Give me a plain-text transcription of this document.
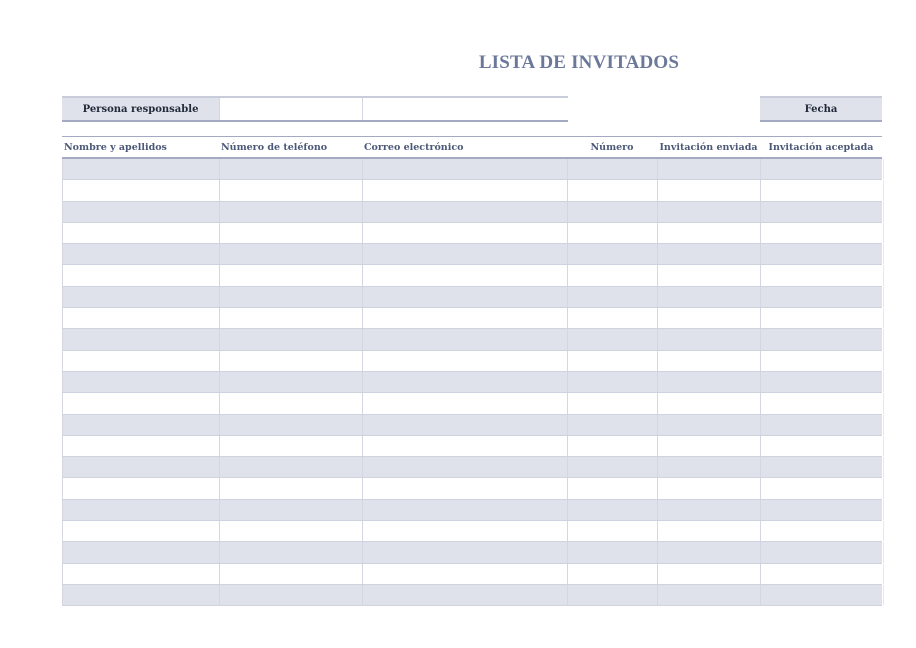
LISTA DE INVITADOS
Persona responsable	Fecha
Nombre y apellidos	Número de teléfono	Correo electrónico	Número	Invitación enviada	Invitación aceptada
